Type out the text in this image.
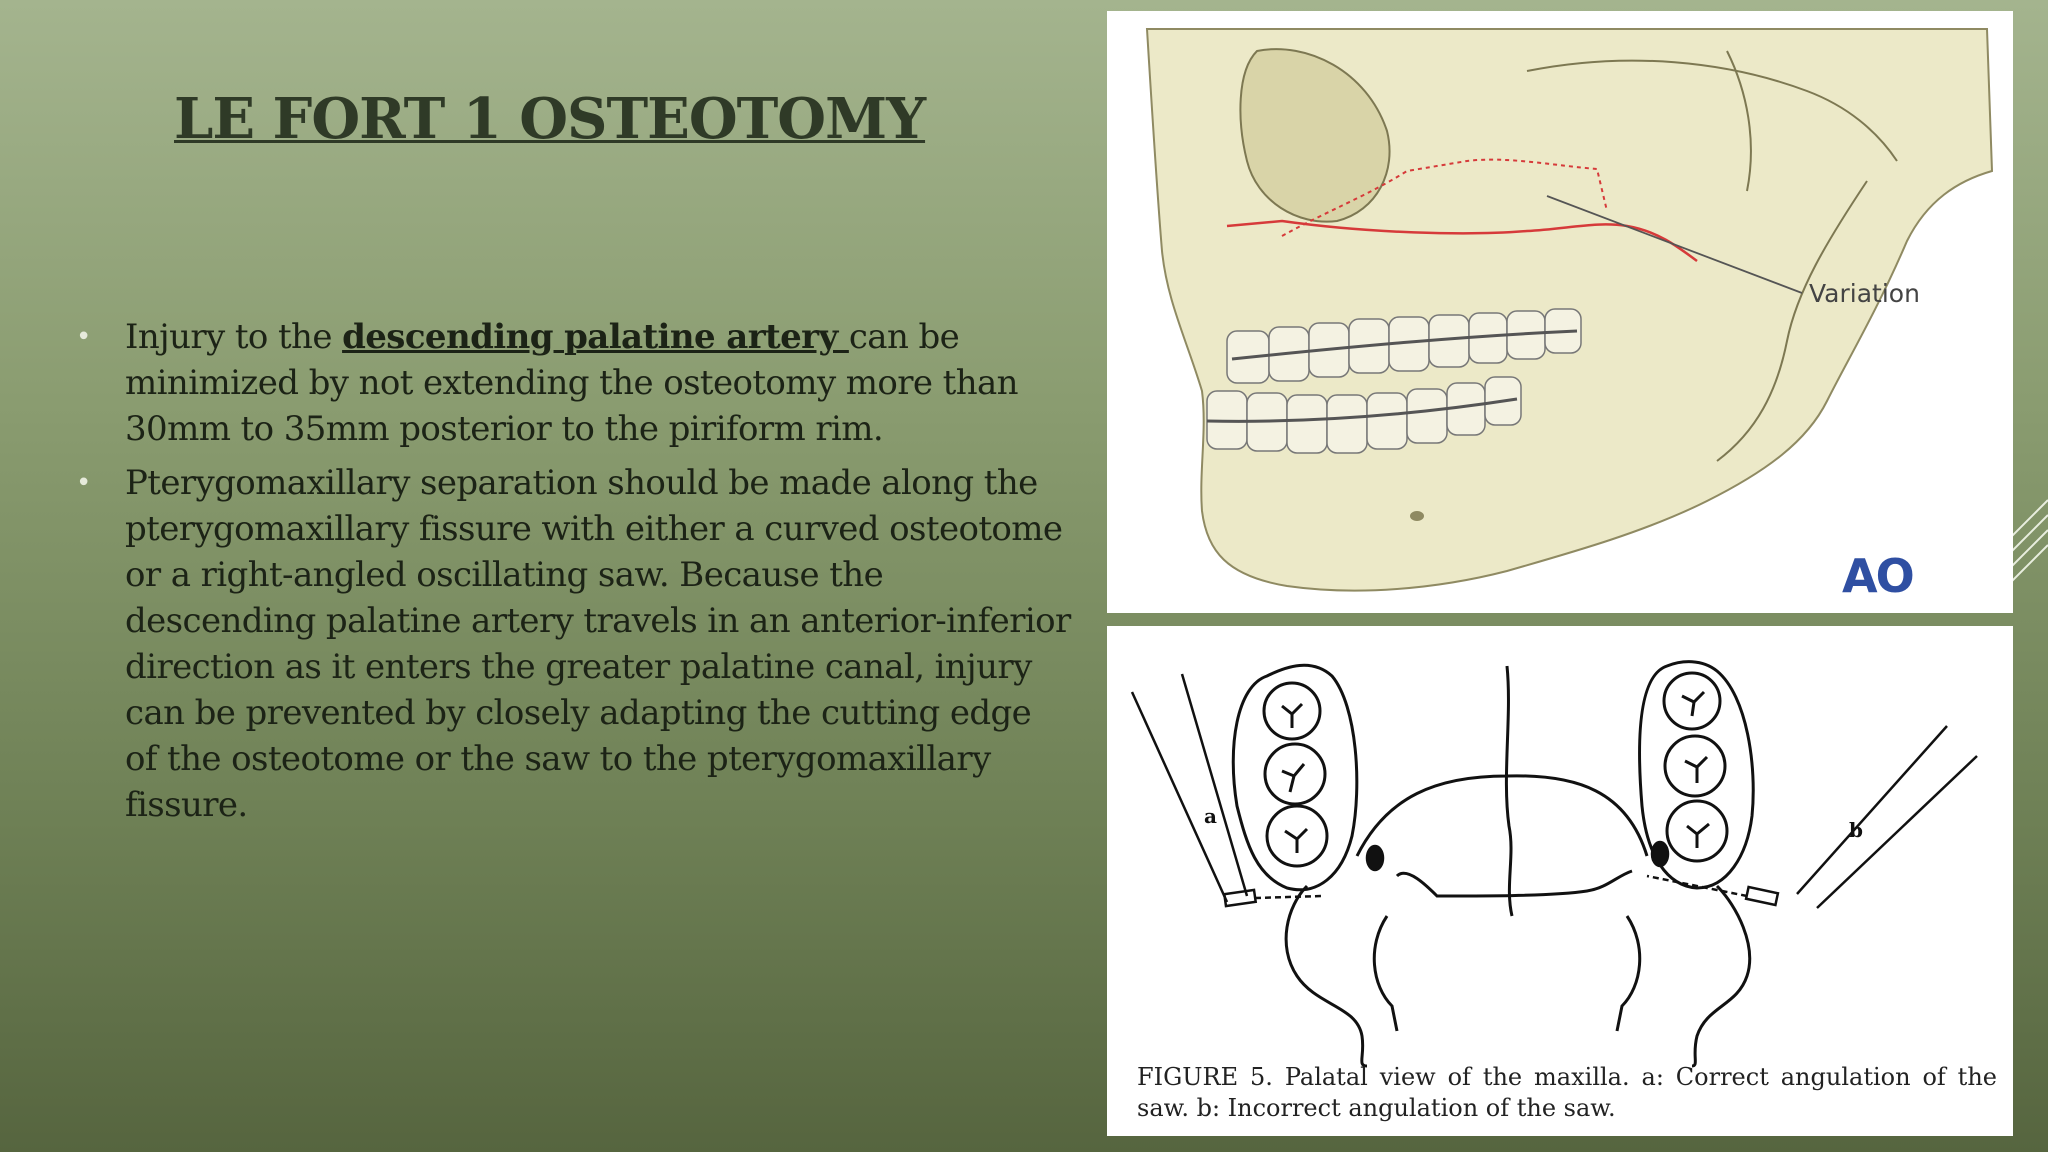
LE FORT 1 OSTEOTOMY
• Injury to the descending palatine artery can be minimized by not extending the osteotomy more than 30mm to 35mm posterior to the piriform rim.
• Pterygomaxillary separation should be made along the pterygomaxillary fissure with either a curved osteotome or a right-angled oscillating saw. Because the descending palatine artery travels in an anterior-inferior direction as it enters the greater palatine canal, injury can be prevented by closely adapting the cutting edge of the osteotome or the saw to the pterygomaxillary fissure.
Variation
AO
a
b
FIGURE 5. Palatal view of the maxilla. a: Correct angulation of the saw. b: Incorrect angulation of the saw.
